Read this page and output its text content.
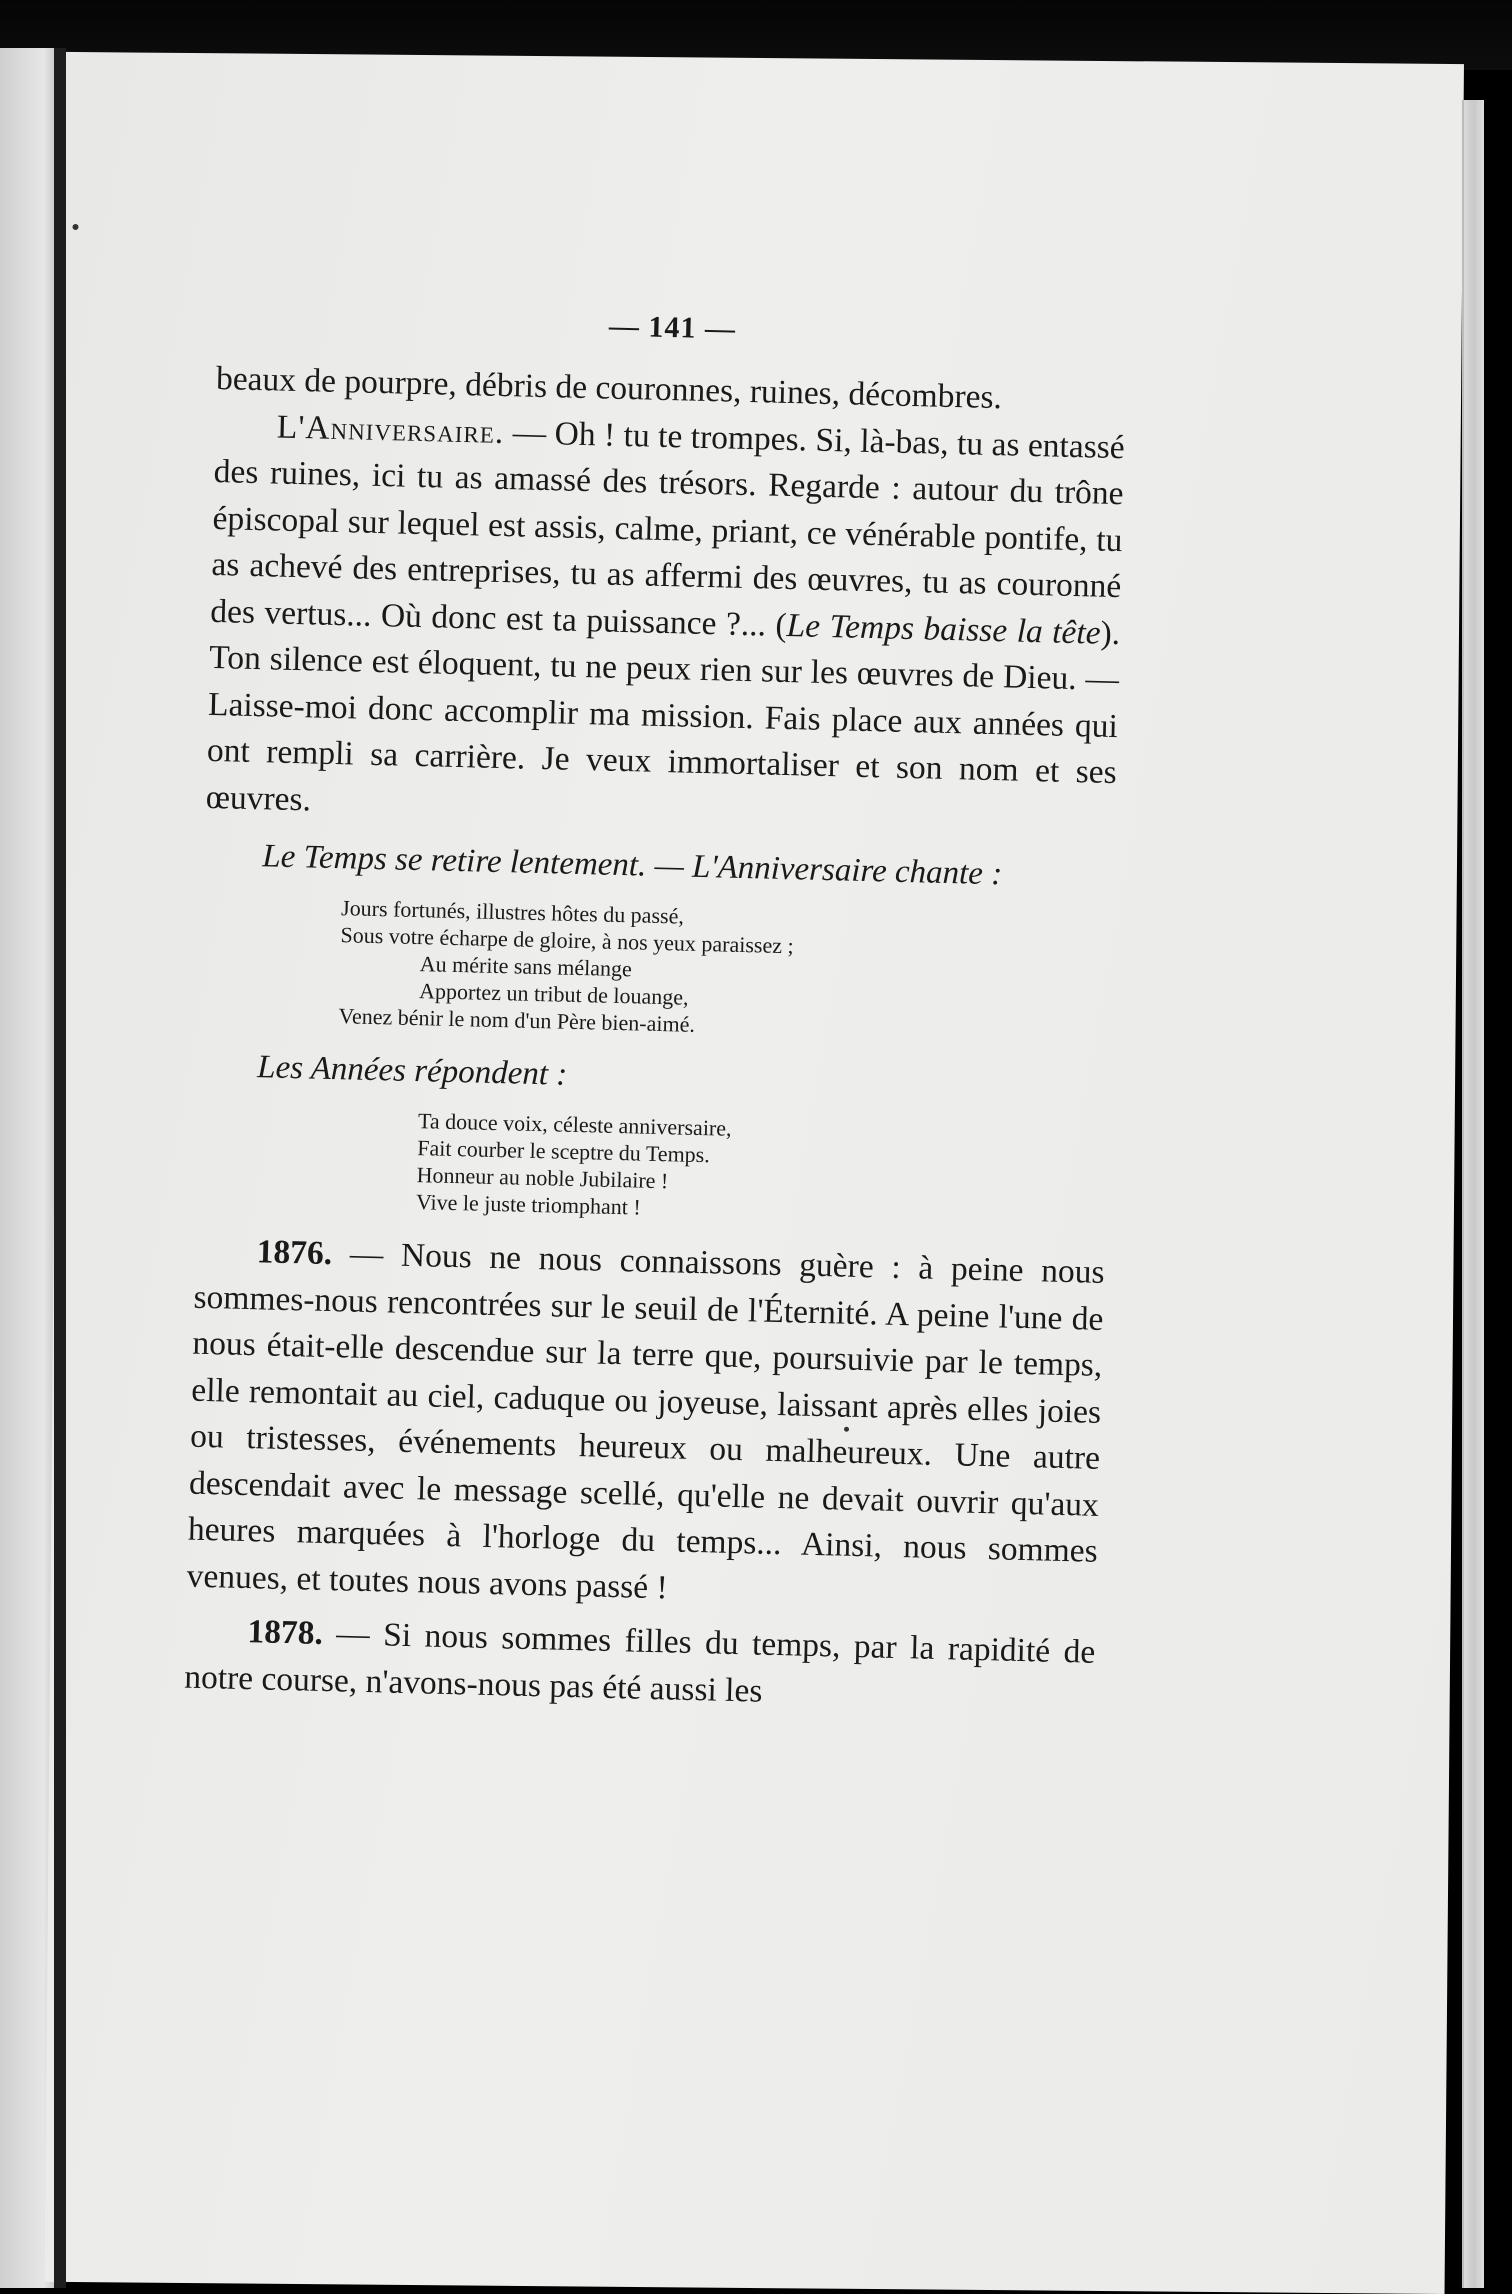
— 141 —

beaux de pourpre, débris de couronnes, ruines, décombres.

L'Anniversaire. — Oh ! tu te trompes. Si, là-bas, tu as entassé des ruines, ici tu as amassé des trésors. Regarde : autour du trône épiscopal sur lequel est assis, calme, priant, ce vénérable pontife, tu as achevé des entreprises, tu as affermi des œuvres, tu as couronné des vertus... Où donc est ta puissance ?... (Le Temps baisse la tête). Ton silence est éloquent, tu ne peux rien sur les œuvres de Dieu. — Laisse-moi donc accomplir ma mission. Fais place aux années qui ont rempli sa carrière. Je veux immortaliser et son nom et ses œuvres.

Le Temps se retire lentement. — L'Anniversaire chante :

Jours fortunés, illustres hôtes du passé,
Sous votre écharpe de gloire, à nos yeux paraissez ;
Au mérite sans mélange
Apportez un tribut de louange,
Venez bénir le nom d'un Père bien-aimé.

Les Années répondent :

Ta douce voix, céleste anniversaire,
Fait courber le sceptre du Temps.
Honneur au noble Jubilaire !
Vive le juste triomphant !

1876. — Nous ne nous connaissons guère : à peine nous sommes-nous rencontrées sur le seuil de l'Éternité. A peine l'une de nous était-elle descendue sur la terre que, poursuivie par le temps, elle remontait au ciel, caduque ou joyeuse, laissant après elles joies ou tristesses, événements heureux ou malheureux. Une autre descendait avec le message scellé, qu'elle ne devait ouvrir qu'aux heures marquées à l'horloge du temps... Ainsi, nous sommes venues, et toutes nous avons passé !

1878. — Si nous sommes filles du temps, par la rapidité de notre course, n'avons-nous pas été aussi les
